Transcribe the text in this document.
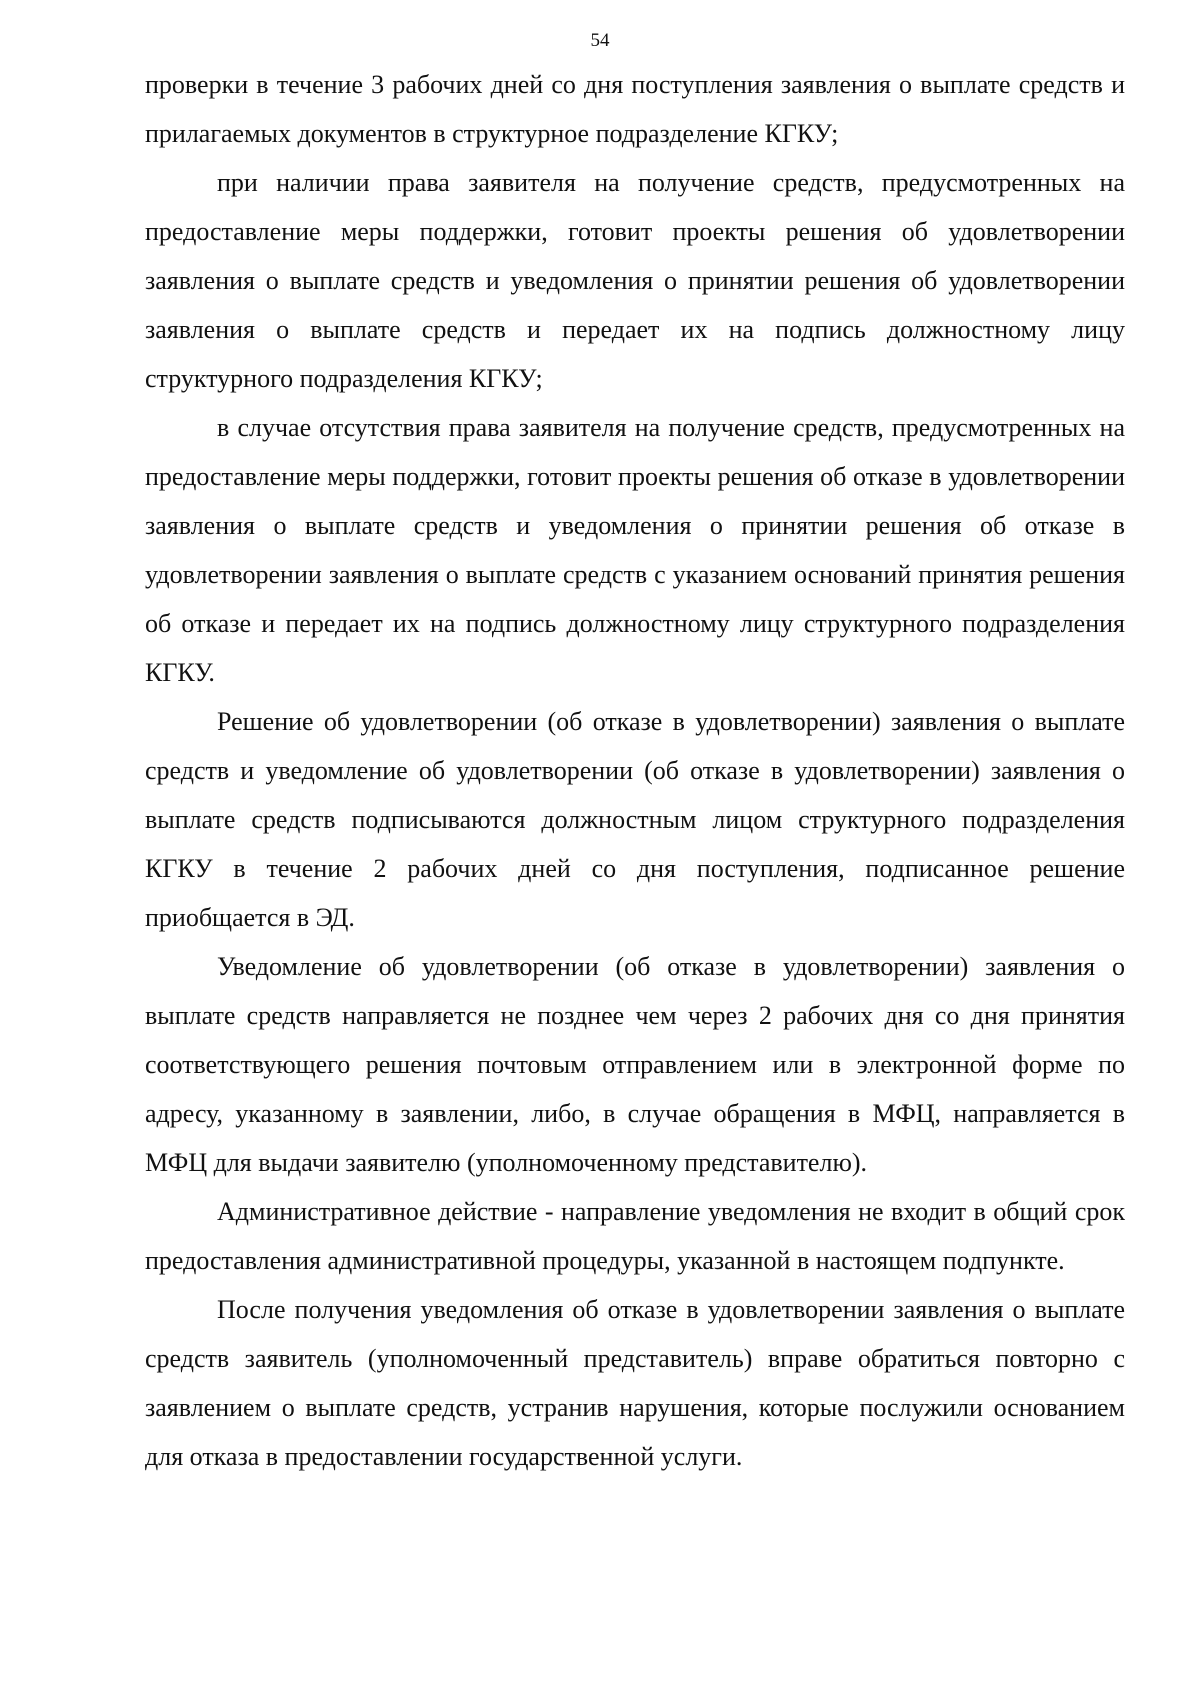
54

проверки в течение 3 рабочих дней со дня поступления заявления о выплате средств и прилагаемых документов в структурное подразделение КГКУ;

при наличии права заявителя на получение средств, предусмотренных на предоставление меры поддержки, готовит проекты решения об удовлетворении заявления о выплате средств и уведомления о принятии решения об удовлетворении заявления о выплате средств и передает их на подпись должностному лицу структурного подразделения КГКУ;

в случае отсутствия права заявителя на получение средств, предусмотренных на предоставление меры поддержки, готовит проекты решения об отказе в удовлетворении заявления о выплате средств и уведомления о принятии решения об отказе в удовлетворении заявления о выплате средств с указанием оснований принятия решения об отказе и передает их на подпись должностному лицу структурного подразделения КГКУ.

Решение об удовлетворении (об отказе в удовлетворении) заявления о выплате средств и уведомление об удовлетворении (об отказе в удовлетворении) заявления о выплате средств подписываются должностным лицом структурного подразделения КГКУ в течение 2 рабочих дней со дня поступления, подписанное решение приобщается в ЭД.

Уведомление об удовлетворении (об отказе в удовлетворении) заявления о выплате средств направляется не позднее чем через 2 рабочих дня со дня принятия соответствующего решения почтовым отправлением или в электронной форме по адресу, указанному в заявлении, либо, в случае обращения в МФЦ, направляется в МФЦ для выдачи заявителю (уполномоченному представителю).

Административное действие - направление уведомления не входит в общий срок предоставления административной процедуры, указанной в настоящем подпункте.

После получения уведомления об отказе в удовлетворении заявления о выплате средств заявитель (уполномоченный представитель) вправе обратиться повторно с заявлением о выплате средств, устранив нарушения, которые послужили основанием для отказа в предоставлении государственной услуги.
